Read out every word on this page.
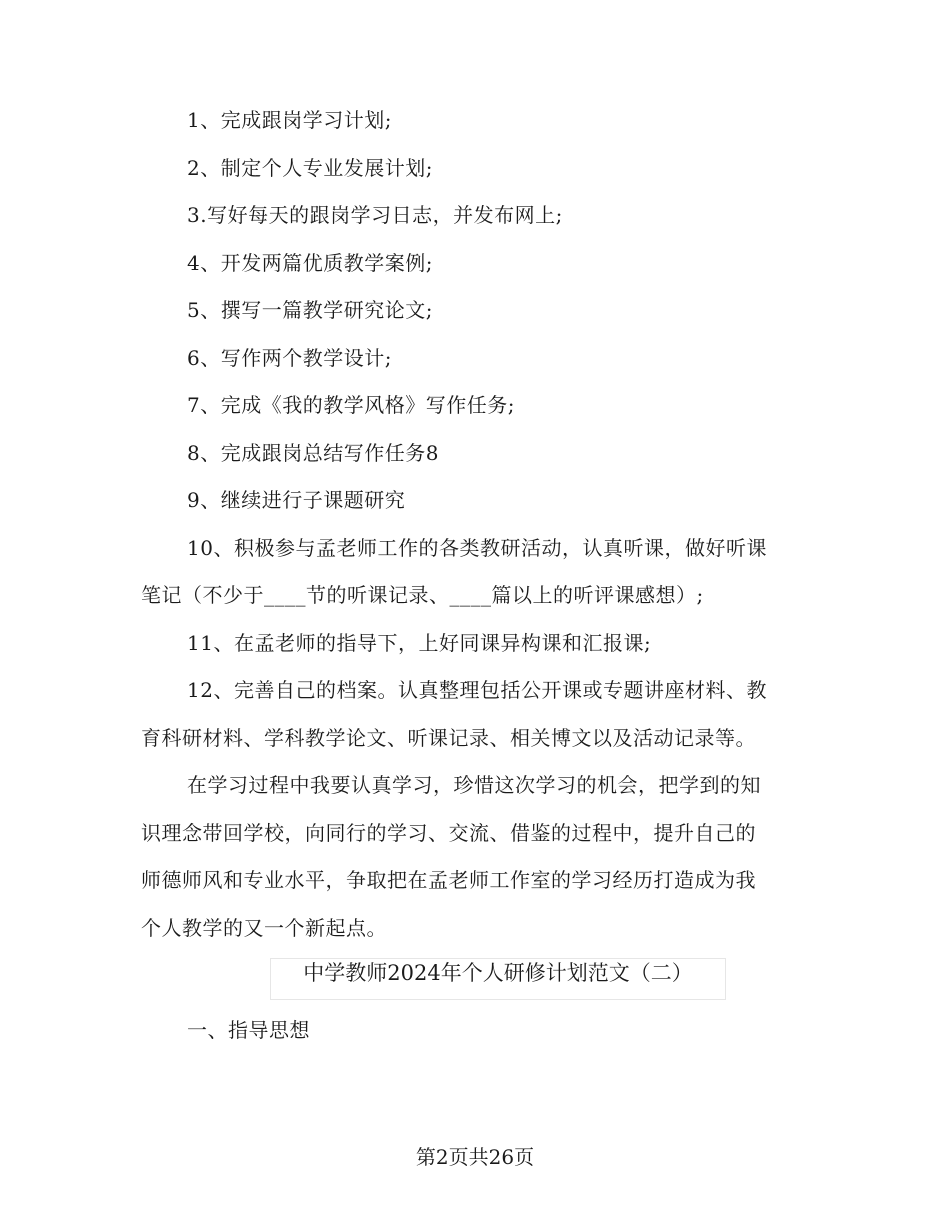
1、完成跟岗学习计划;
2、制定个人专业发展计划;
3.写好每天的跟岗学习日志，并发布网上;
4、开发两篇优质教学案例;
5、撰写一篇教学研究论文;
6、写作两个教学设计;
7、完成《我的教学风格》写作任务;
8、完成跟岗总结写作任务8
9、继续进行子课题研究
10、积极参与孟老师工作的各类教研活动，认真听课，做好听课
笔记（不少于____节的听课记录、____篇以上的听评课感想）;
11、在孟老师的指导下，上好同课异构课和汇报课;
12、完善自己的档案。认真整理包括公开课或专题讲座材料、教
育科研材料、学科教学论文、听课记录、相关博文以及活动记录等。
在学习过程中我要认真学习，珍惜这次学习的机会，把学到的知
识理念带回学校，向同行的学习、交流、借鉴的过程中，提升自己的
师德师风和专业水平，争取把在孟老师工作室的学习经历打造成为我
个人教学的又一个新起点。
中学教师2024年个人研修计划范文（二）
一、指导思想
第2页共26页
